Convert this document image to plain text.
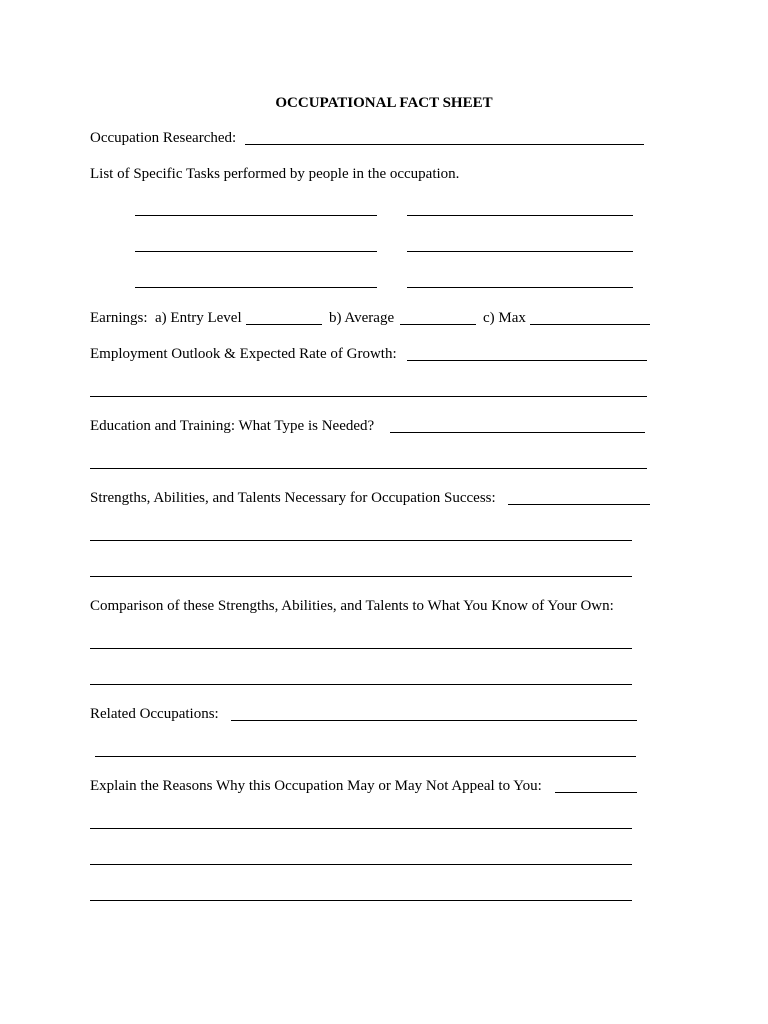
OCCUPATIONAL FACT SHEET

Occupation Researched:

List of Specific Tasks performed by people in the occupation.

Earnings: a) Entry Level	b) Average	c) Max

Employment Outlook & Expected Rate of Growth:

Education and Training: What Type is Needed?

Strengths, Abilities, and Talents Necessary for Occupation Success:

Comparison of these Strengths, Abilities, and Talents to What You Know of Your Own:

Related Occupations:

Explain the Reasons Why this Occupation May or May Not Appeal to You:
